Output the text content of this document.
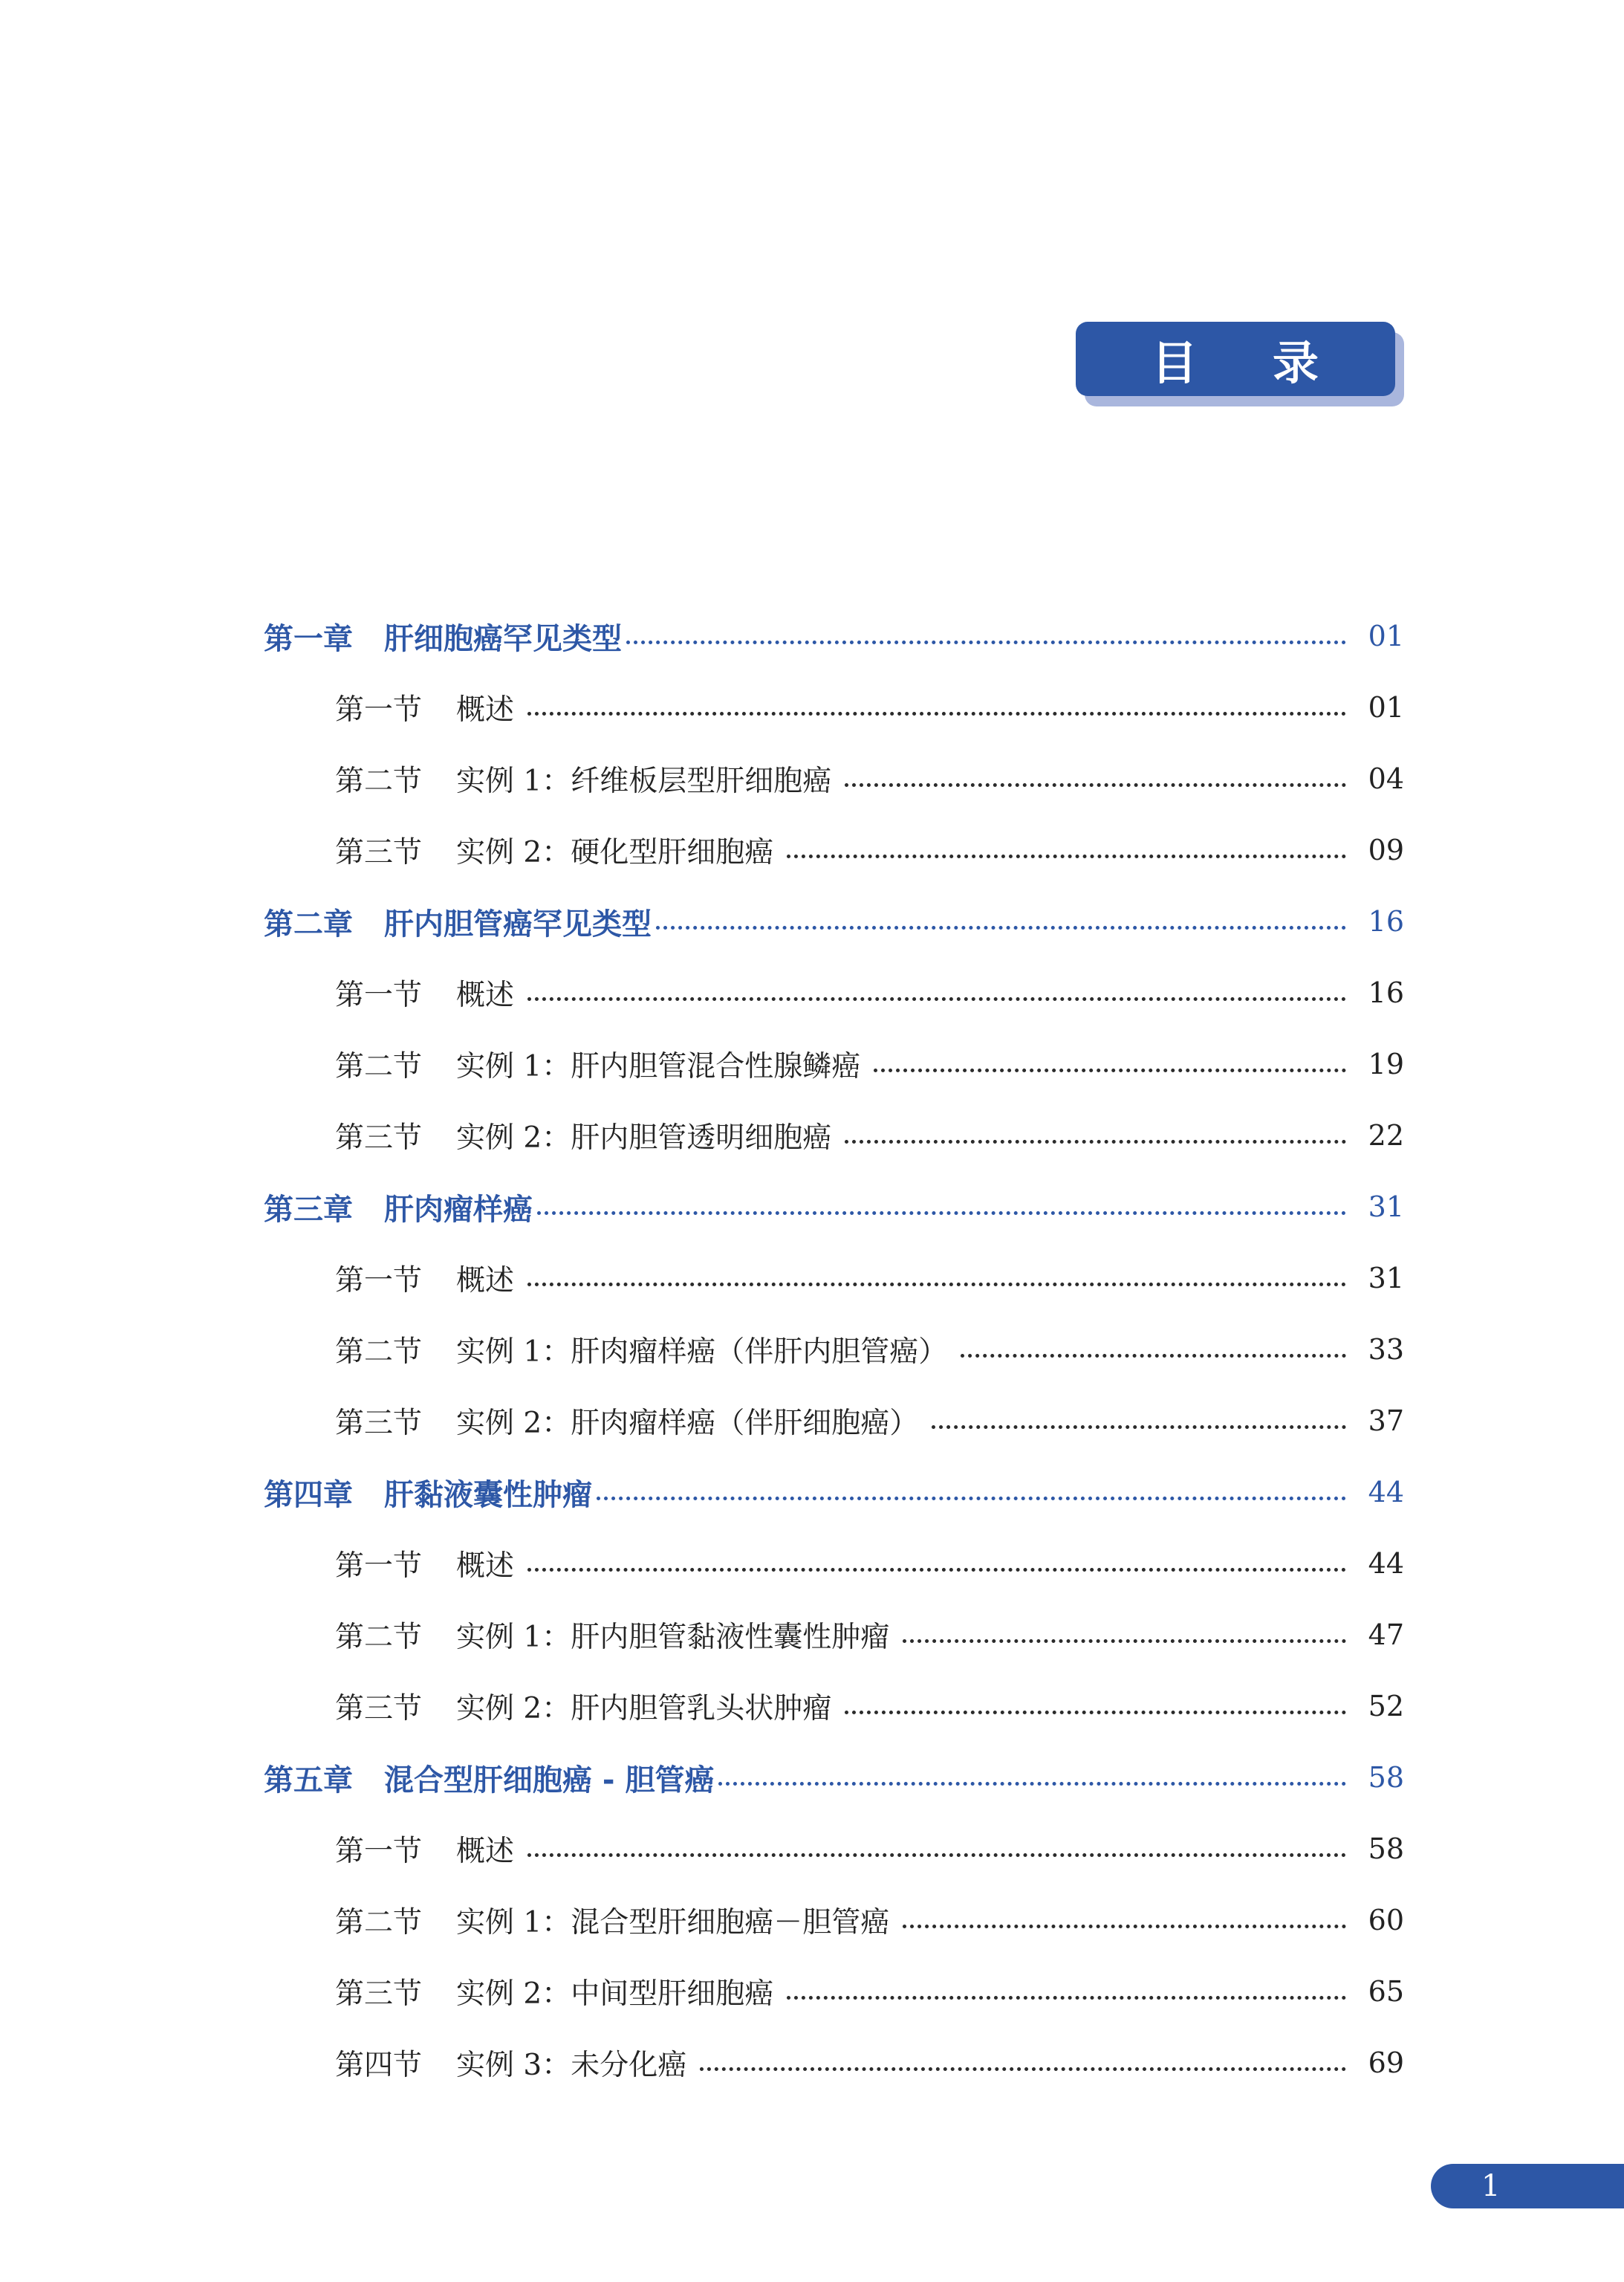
目 录
第一章 肝细胞癌罕见类型	01
第一节 概述	01
第二节 实例 1：纤维板层型肝细胞癌	04
第三节 实例 2：硬化型肝细胞癌	09
第二章 肝内胆管癌罕见类型	16
第一节 概述	16
第二节 实例 1：肝内胆管混合性腺鳞癌	19
第三节 实例 2：肝内胆管透明细胞癌	22
第三章 肝肉瘤样癌	31
第一节 概述	31
第二节 实例 1：肝肉瘤样癌（伴肝内胆管癌）	33
第三节 实例 2：肝肉瘤样癌（伴肝细胞癌）	37
第四章 肝黏液囊性肿瘤	44
第一节 概述	44
第二节 实例 1：肝内胆管黏液性囊性肿瘤	47
第三节 实例 2：肝内胆管乳头状肿瘤	52
第五章 混合型肝细胞癌 - 胆管癌	58
第一节 概述	58
第二节 实例 1：混合型肝细胞癌－胆管癌	60
第三节 实例 2：中间型肝细胞癌	65
第四节 实例 3：未分化癌	69
1
